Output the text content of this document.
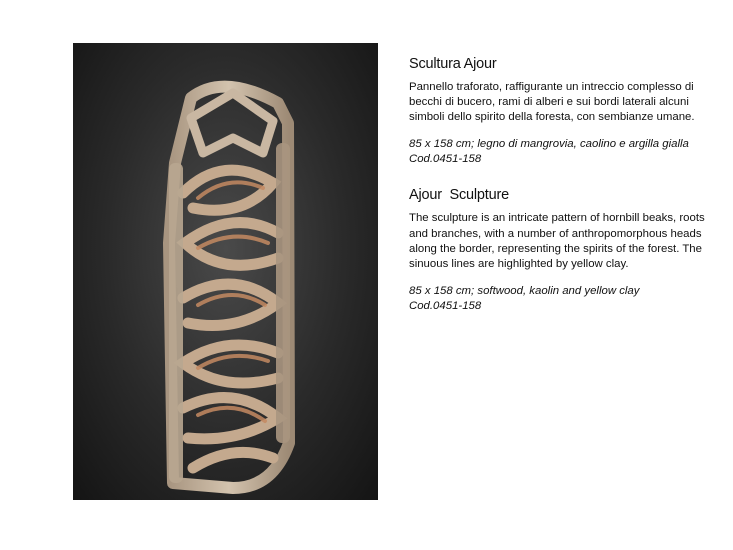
Scultura Ajour

Pannello traforato, raffigurante un intreccio complesso di becchi di bucero, rami di alberi e sui bordi laterali alcuni simboli dello spirito della foresta, con sembianze umane.

85 x 158 cm; legno di mangrovia, caolino e argilla gialla

Cod.0451-158

Ajour  Sculpture

The sculpture is an intricate pattern of hornbill beaks, roots and branches, with a number of anthropomorphous heads along the border, representing the spirits of the forest. The sinuous lines are highlighted by yellow clay.

85 x 158 cm; softwood, kaolin and yellow clay

Cod.0451-158
